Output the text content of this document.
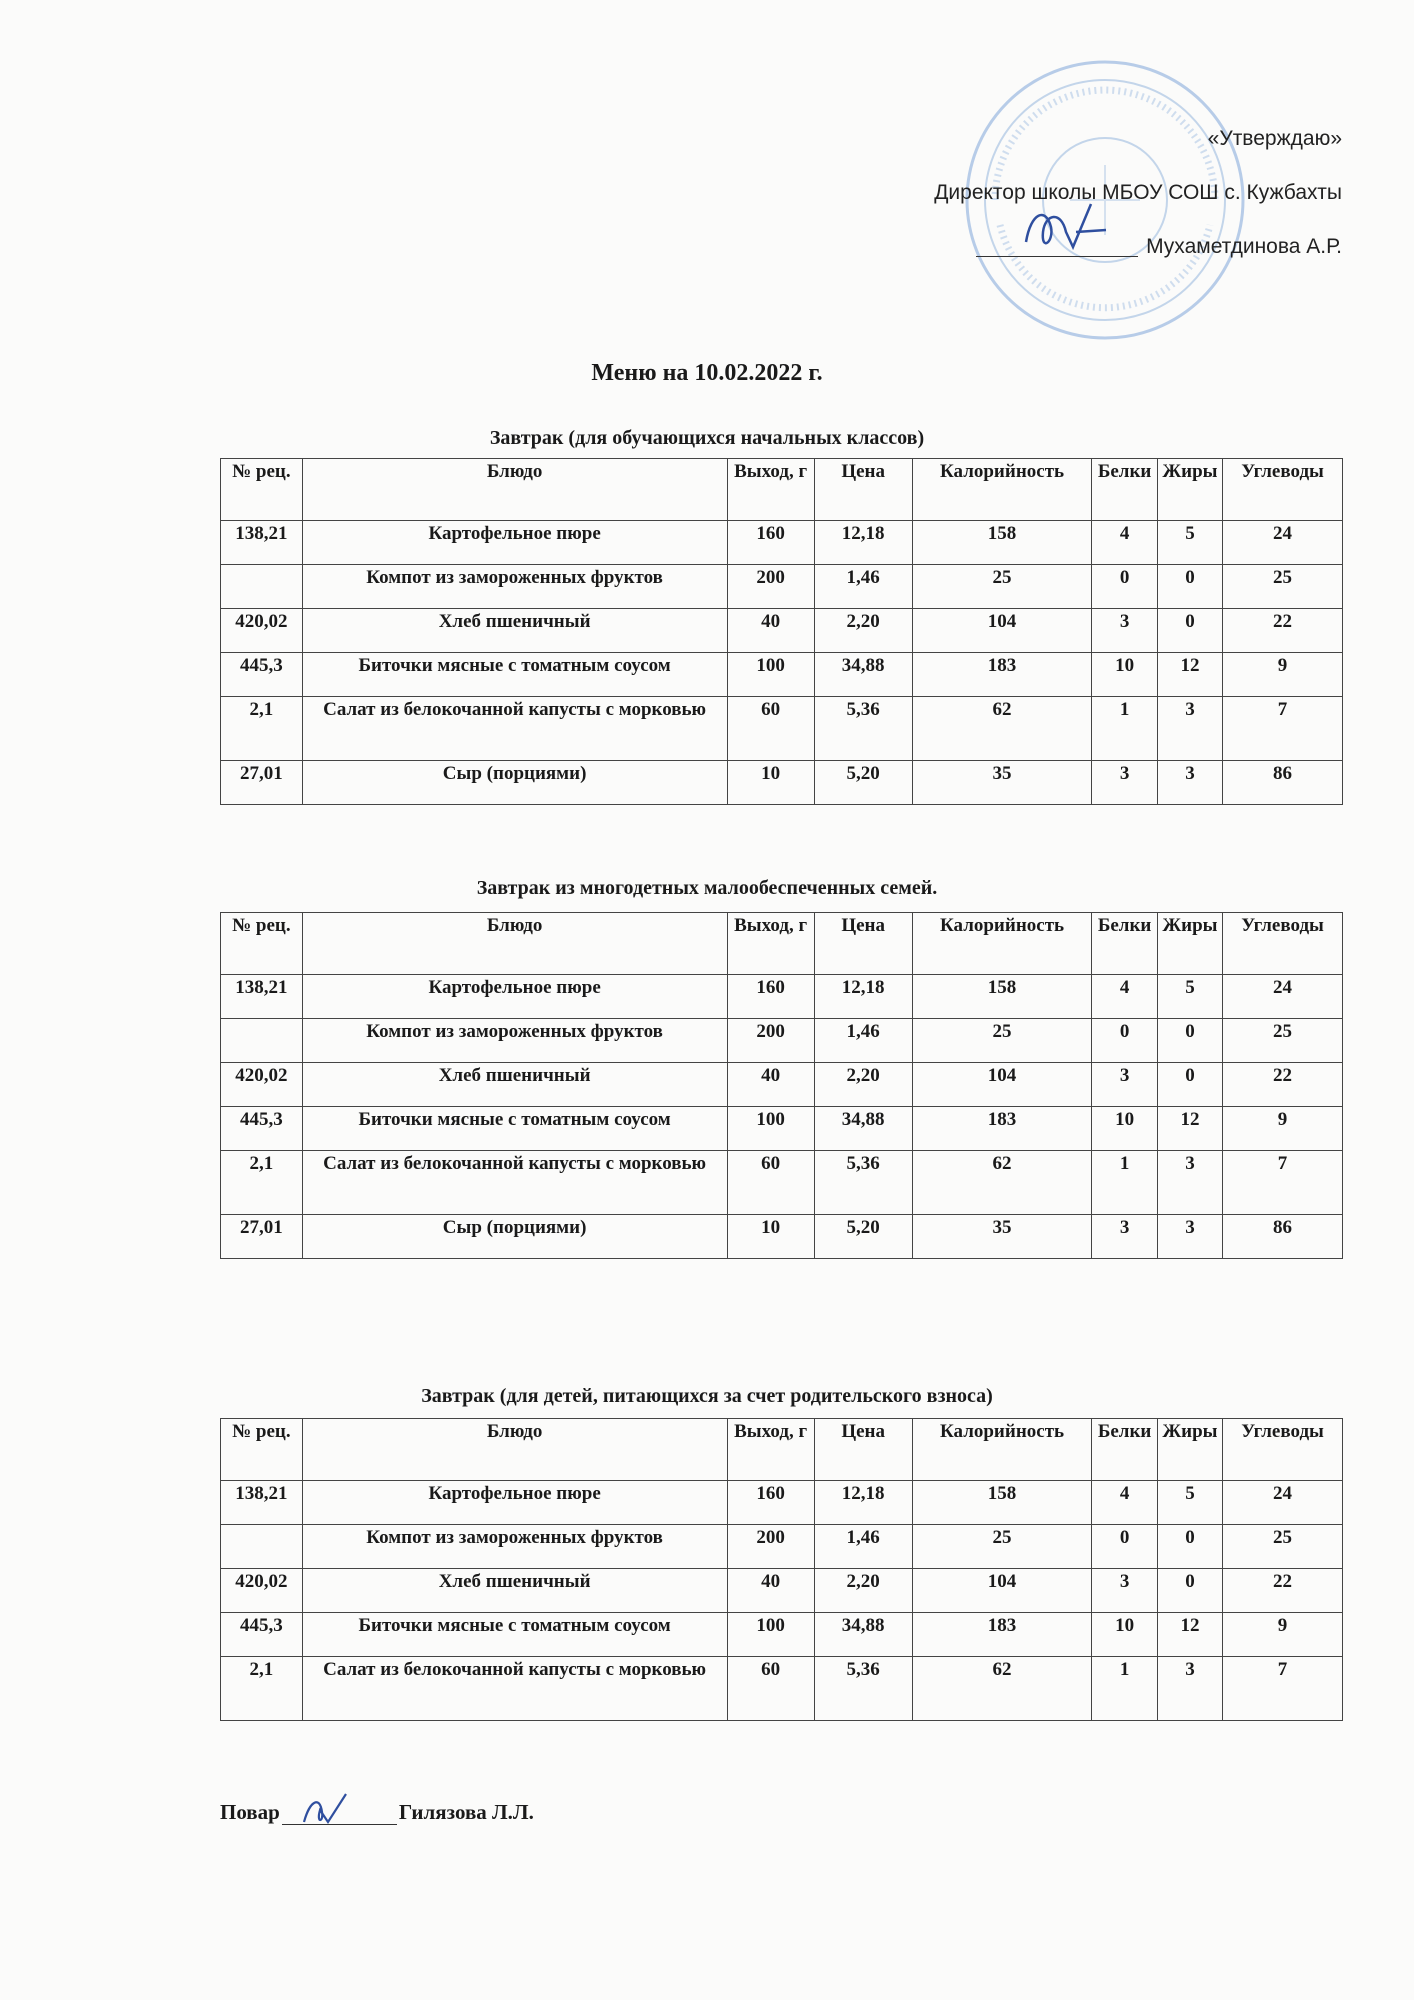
«Утверждаю»
Директор школы МБОУ СОШ с. Кужбахты
Мухаметдинова А.Р.
Меню на 10.02.2022 г.
Завтрак (для обучающихся начальных классов)
№ рец.	Блюдо	Выход, г	Цена	Калорийность	Белки	Жиры	Углеводы
138,21	Картофельное пюре	160	12,18	158	4	5	24
	Компот из замороженных фруктов	200	1,46	25	0	0	25
420,02	Хлеб пшеничный	40	2,20	104	3	0	22
445,3	Биточки мясные с томатным соусом	100	34,88	183	10	12	9
2,1	Салат из белокочанной капусты с морковью	60	5,36	62	1	3	7
27,01	Сыр (порциями)	10	5,20	35	3	3	86
Завтрак из многодетных малообеспеченных семей.
№ рец.	Блюдо	Выход, г	Цена	Калорийность	Белки	Жиры	Углеводы
138,21	Картофельное пюре	160	12,18	158	4	5	24
	Компот из замороженных фруктов	200	1,46	25	0	0	25
420,02	Хлеб пшеничный	40	2,20	104	3	0	22
445,3	Биточки мясные с томатным соусом	100	34,88	183	10	12	9
2,1	Салат из белокочанной капусты с морковью	60	5,36	62	1	3	7
27,01	Сыр (порциями)	10	5,20	35	3	3	86
Завтрак (для детей, питающихся за счет родительского взноса)
№ рец.	Блюдо	Выход, г	Цена	Калорийность	Белки	Жиры	Углеводы
138,21	Картофельное пюре	160	12,18	158	4	5	24
	Компот из замороженных фруктов	200	1,46	25	0	0	25
420,02	Хлеб пшеничный	40	2,20	104	3	0	22
445,3	Биточки мясные с томатным соусом	100	34,88	183	10	12	9
2,1	Салат из белокочанной капусты с морковью	60	5,36	62	1	3	7
Повар	Гилязова Л.Л.
